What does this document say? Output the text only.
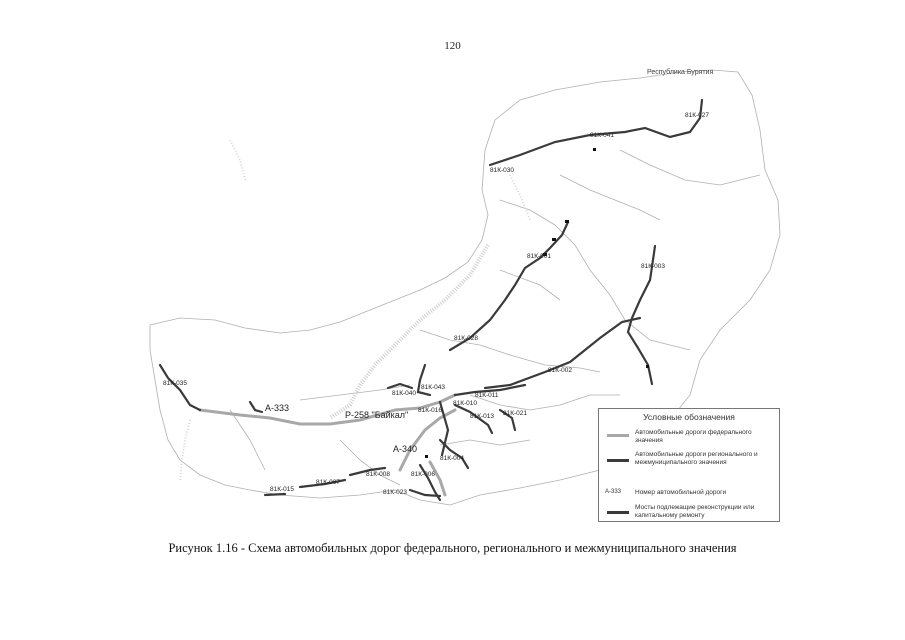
120
81К-041
81К-027
81К-030
81К-001
81К-003
81К-028
81К-002
81К-035
81К-040
81К-043
81К-011
81К-016
81К-010
81К-013 81К-021
81К-004
81К-008	81К-006
81К-007
81К-015	81К-023
Р-258 "Байкал"
А-333
А-340
Республика Бурятия
Условные обозначения
Автомобильные дороги федерального значения
Автомобильные дороги регионального и межмуниципального значения
А-333 Номер автомобильной дороги
Мосты подлежащие реконструкции или капитальному ремонту
Рисунок 1.16 - Схема автомобильных дорог федерального, регионального и межмуниципального значения
